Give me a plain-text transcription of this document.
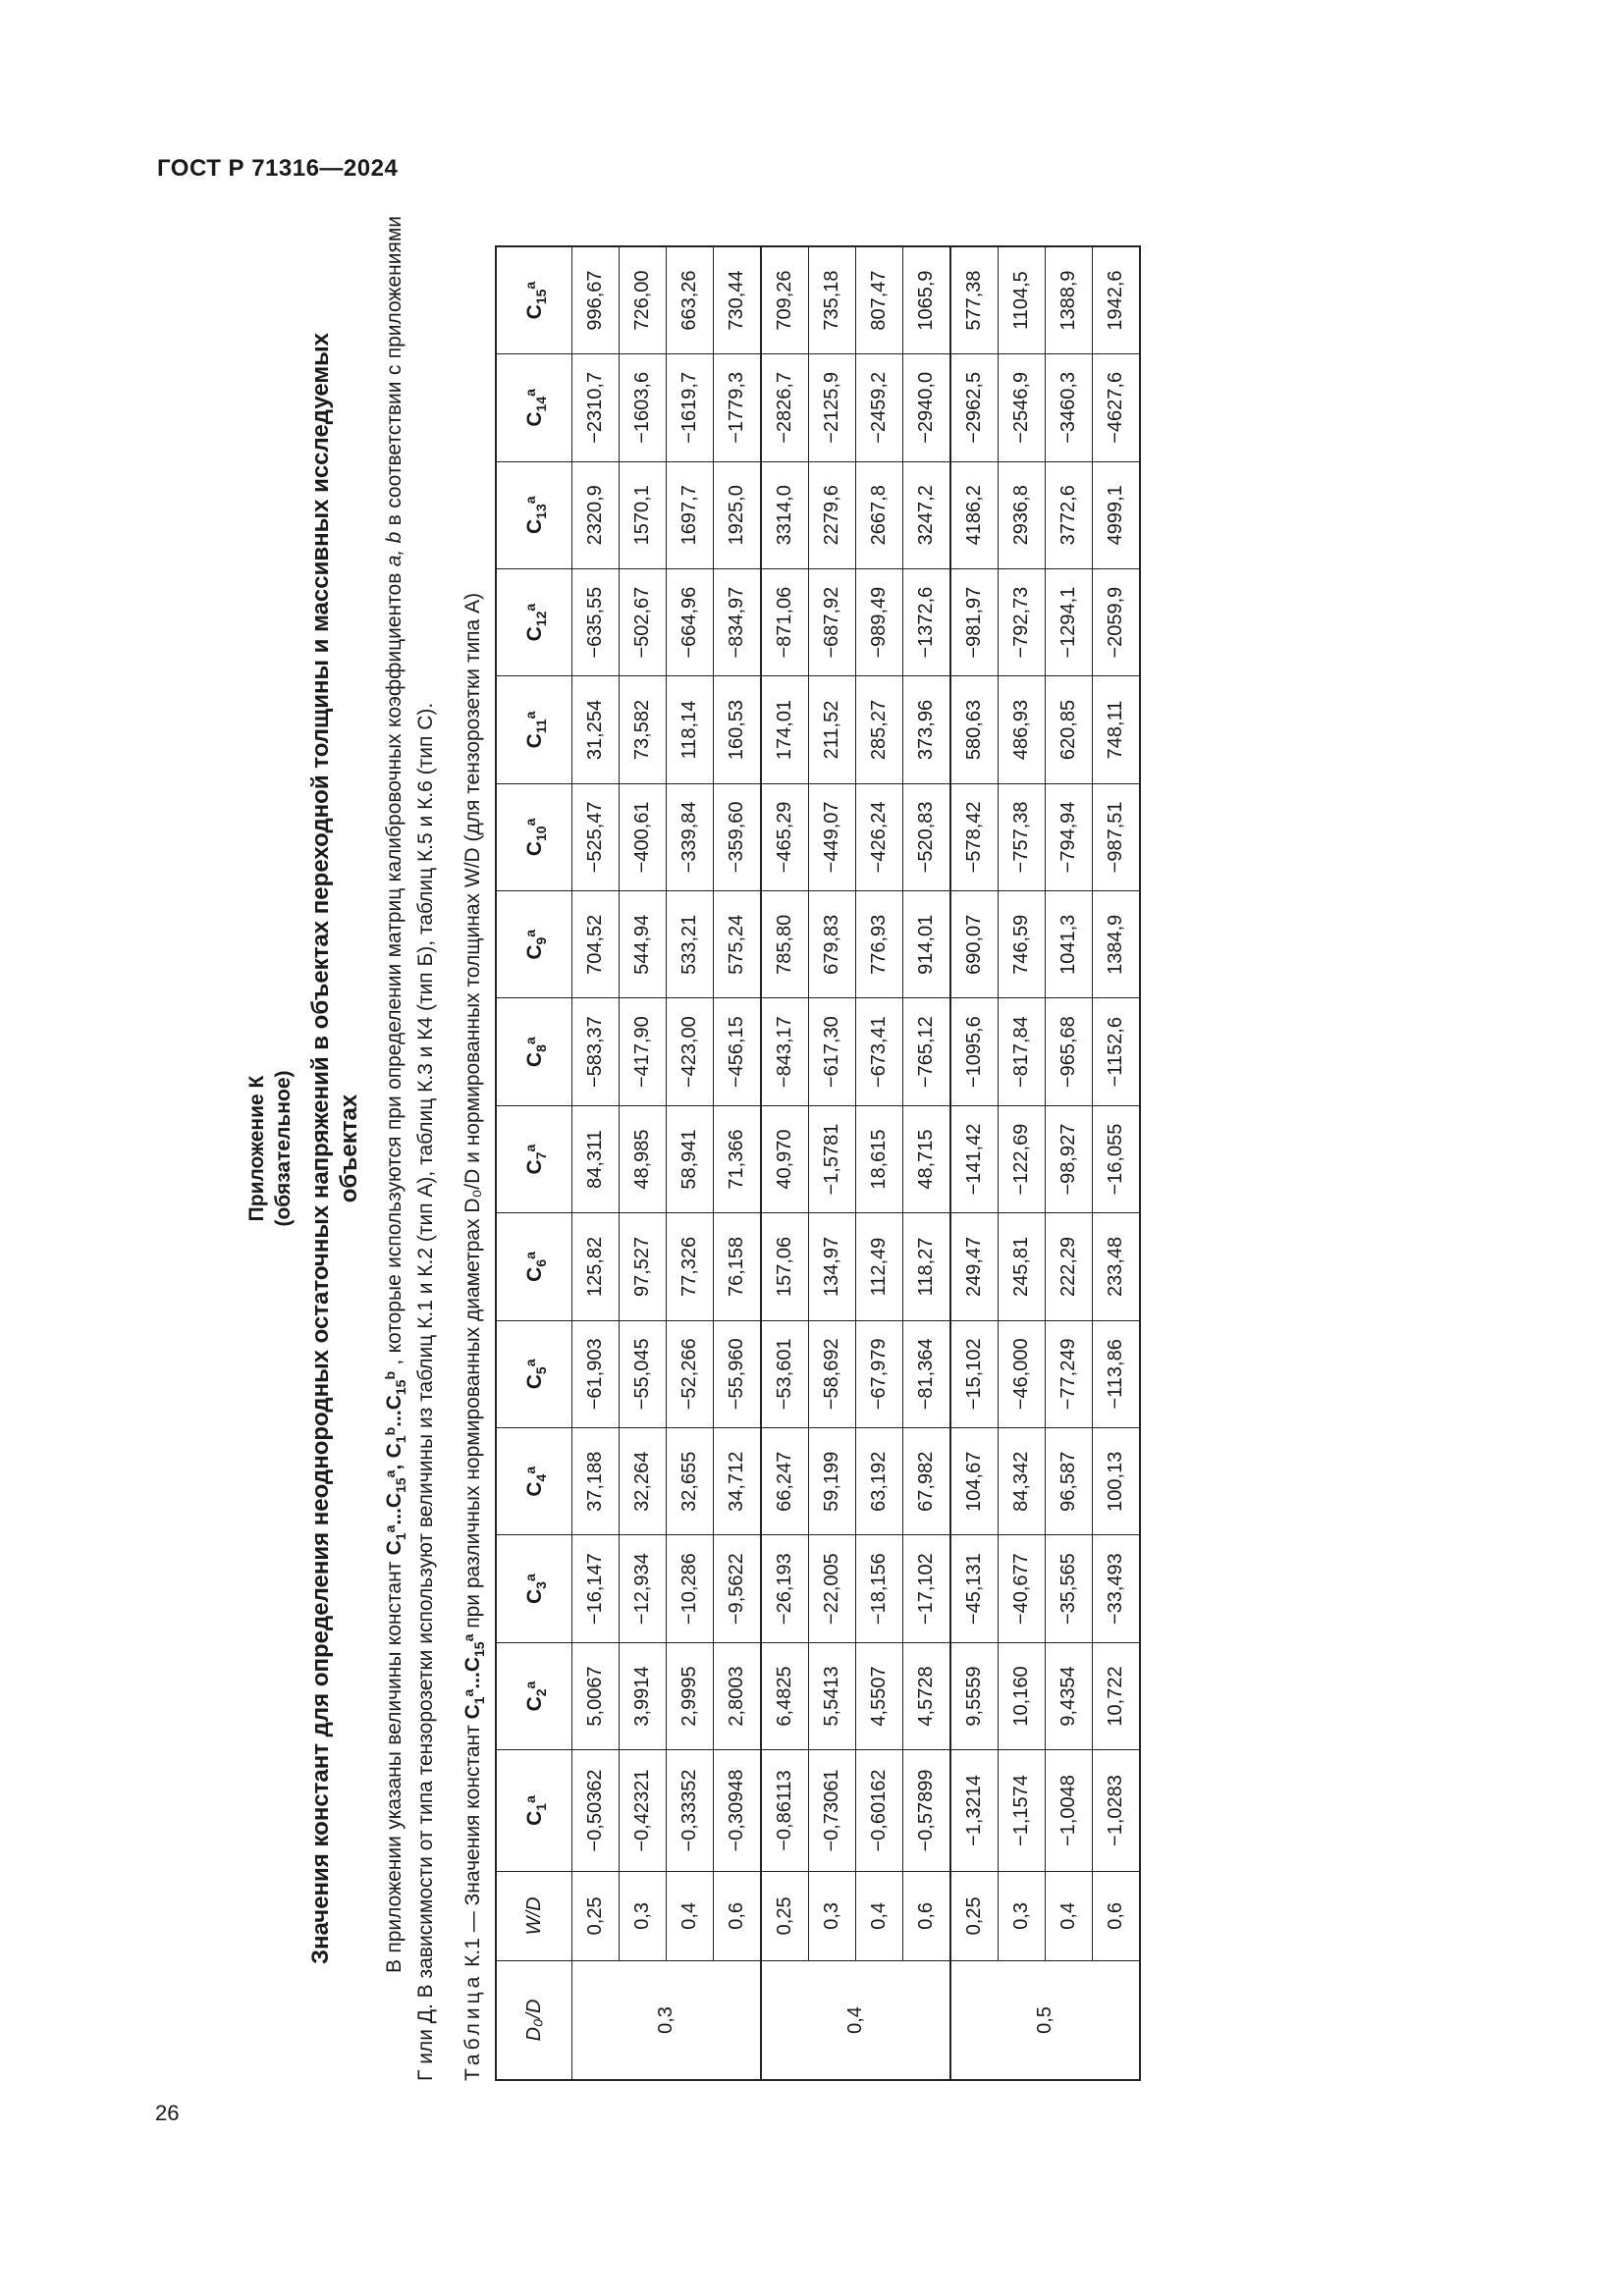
ГОСТ Р 71316—2024
26
Приложение К (обязательное) Значения констант для определения неоднородных остаточных напряжений в объектах переходной толщины и массивных исследуемых объектах
В приложении указаны величины констант $C_1^a...C_{15}^a$, $C_1^b...C_{15}^b$ , которые используются при определении матриц калибровочных коэффициентов a, b в соответствии с приложениями Г или Д. В зависимости от типа тензорозетки используют величины из таблиц К.1 и К.2 (тип А), таблиц К.3 и К4 (тип Б), таблиц К.5 и К.6 (тип С). Таблица К.1 — Значения констант $C_1^a...C_{15}^a$ при различных нормированных диаметрах D₀/D и нормированных толщинах W/D (для тензорозетки типа А)
D₀/D	W/D	$C_1^a$	$C_2^a$	$C_3^a$	$C_4^a$	$C_5^a$	$C_6^a$	$C_7^a$	$C_8^a$	$C_9^a$	$C_{10}^a$	$C_{11}^a$	$C_{12}^a$	$C_{13}^a$	$C_{14}^a$	$C_{15}^a$
0,3	0,25	−0,50362	5,0067	−16,147	37,188	−61,903	125,82	84,311	−583,37	704,52	−525,47	31,254	−635,55	2320,9	−2310,7	996,67
	0,3	−0,42321	3,9914	−12,934	32,264	−55,045	97,527	48,985	−417,90	544,94	−400,61	73,582	−502,67	1570,1	−1603,6	726,00
	0,4	−0,33352	2,9995	−10,286	32,655	−52,266	77,326	58,941	−423,00	533,21	−339,84	118,14	−664,96	1697,7	−1619,7	663,26
	0,6	−0,30948	2,8003	−9,5622	34,712	−55,960	76,158	71,366	−456,15	575,24	−359,60	160,53	−834,97	1925,0	−1779,3	730,44
0,4	0,25	−0,86113	6,4825	−26,193	66,247	−53,601	157,06	40,970	−843,17	785,80	−465,29	174,01	−871,06	3314,0	−2826,7	709,26
	0,3	−0,73061	5,5413	−22,005	59,199	−58,692	134,97	−1,5781	−617,30	679,83	−449,07	211,52	−687,92	2279,6	−2125,9	735,18
	0,4	−0,60162	4,5507	−18,156	63,192	−67,979	112,49	18,615	−673,41	776,93	−426,24	285,27	−989,49	2667,8	−2459,2	807,47
	0,6	−0,57899	4,5728	−17,102	67,982	−81,364	118,27	48,715	−765,12	914,01	−520,83	373,96	−1372,6	3247,2	−2940,0	1065,9
0,5	0,25	−1,3214	9,5559	−45,131	104,67	−15,102	249,47	−141,42	−1095,6	690,07	−578,42	580,63	−981,97	4186,2	−2962,5	577,38
	0,3	−1,1574	10,160	−40,677	84,342	−46,000	245,81	−122,69	−817,84	746,59	−757,38	486,93	−792,73	2936,8	−2546,9	1104,5
	0,4	−1,0048	9,4354	−35,565	96,587	−77,249	222,29	−98,927	−965,68	1041,3	−794,94	620,85	−1294,1	3772,6	−3460,3	1388,9
	0,6	−1,0283	10,722	−33,493	100,13	−113,86	233,48	−16,055	−1152,6	1384,9	−987,51	748,11	−2059,9	4999,1	−4627,6	1942,6
